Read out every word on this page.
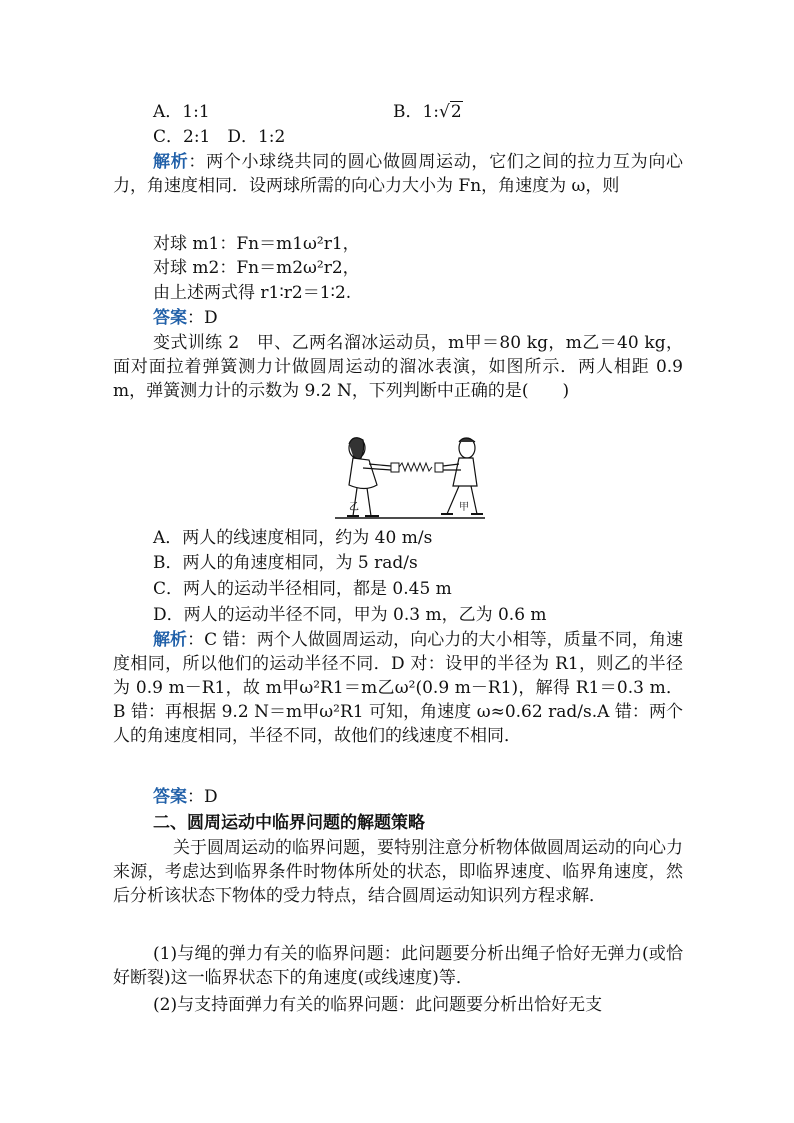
A．1:1	B．1:√2
C．2:1　D．1:2
解析：两个小球绕共同的圆心做圆周运动，它们之间的拉力互为向心力，角速度相同．设两球所需的向心力大小为 Fn，角速度为 ω，则
对球 m1：Fn＝m1ω²r1，
对球 m2：Fn＝m2ω²r2，
由上述两式得 r1∶r2＝1∶2.
答案：D
变式训练 2　甲、乙两名溜冰运动员，m甲＝80 kg，m乙＝40 kg，面对面拉着弹簧测力计做圆周运动的溜冰表演，如图所示．两人相距 0.9 m，弹簧测力计的示数为 9.2 N，下列判断中正确的是(　　)
乙	甲
A．两人的线速度相同，约为 40 m/s
B．两人的角速度相同，为 5 rad/s
C．两人的运动半径相同，都是 0.45 m
D．两人的运动半径不同，甲为 0.3 m，乙为 0.6 m
解析：C 错：两个人做圆周运动，向心力的大小相等，质量不同，角速度相同，所以他们的运动半径不同．D 对：设甲的半径为 R1，则乙的半径为 0.9 m－R1，故 m甲ω²R1＝m乙ω²(0.9 m－R1)，解得 R1＝0.3 m．B 错：再根据 9.2 N＝m甲ω²R1 可知，角速度 ω≈0.62 rad/s.A 错：两个人的角速度相同，半径不同，故他们的线速度不相同．
答案：D
二、圆周运动中临界问题的解题策略
关于圆周运动的临界问题，要特别注意分析物体做圆周运动的向心力来源，考虑达到临界条件时物体所处的状态，即临界速度、临界角速度，然后分析该状态下物体的受力特点，结合圆周运动知识列方程求解．
(1)与绳的弹力有关的临界问题：此问题要分析出绳子恰好无弹力(或恰好断裂)这一临界状态下的角速度(或线速度)等．
(2)与支持面弹力有关的临界问题：此问题要分析出恰好无支
